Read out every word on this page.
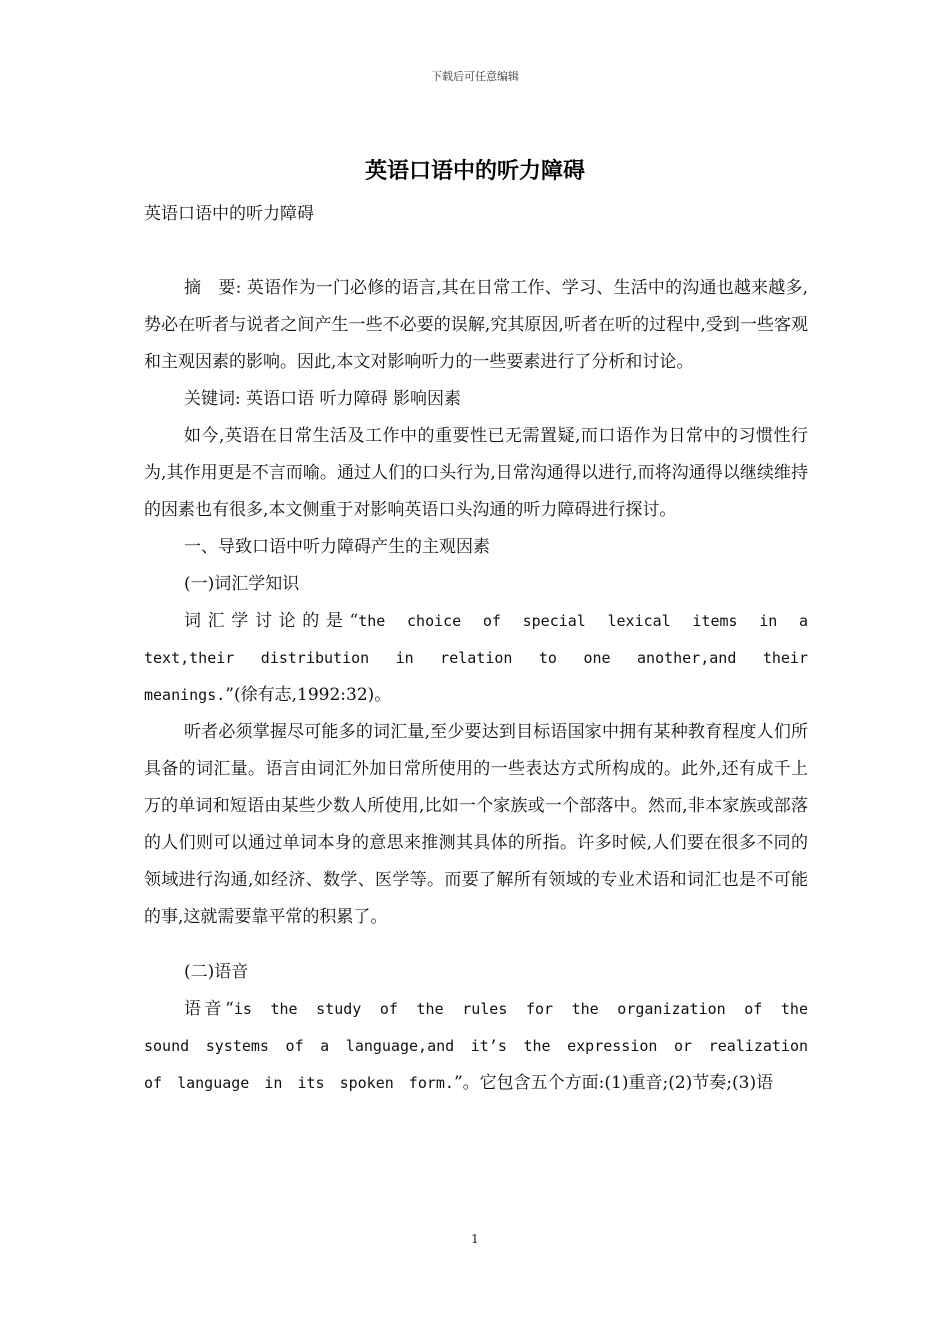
下载后可任意编辑
英语口语中的听力障碍

英语口语中的听力障碍

摘　要: 英语作为一门必修的语言,其在日常工作、学习、生活中的沟通也越来越多,势必在听者与说者之间产生一些不必要的误解,究其原因,听者在听的过程中,受到一些客观和主观因素的影响。因此,本文对影响听力的一些要素进行了分析和讨论。

关键词: 英语口语 听力障碍 影响因素

如今,英语在日常生活及工作中的重要性已无需置疑,而口语作为日常中的习惯性行为,其作用更是不言而喻。通过人们的口头行为,日常沟通得以进行,而将沟通得以继续维持的因素也有很多,本文侧重于对影响英语口头沟通的听力障碍进行探讨。

一、导致口语中听力障碍产生的主观因素

(一)词汇学知识

词汇学讨论的是“the choice of special lexical items in a text,their distribution in relation to one another,and their meanings.”(徐有志,1992:32)。

听者必须掌握尽可能多的词汇量,至少要达到目标语国家中拥有某种教育程度人们所具备的词汇量。语言由词汇外加日常所使用的一些表达方式所构成的。此外,还有成千上万的单词和短语由某些少数人所使用,比如一个家族或一个部落中。然而,非本家族或部落的人们则可以通过单词本身的意思来推测其具体的所指。许多时候,人们要在很多不同的领域进行沟通,如经济、数学、医学等。而要了解所有领域的专业术语和词汇也是不可能的事,这就需要靠平常的积累了。

(二)语音

语音“is the study of the rules for the organization of the sound systems of a language,and it’s the expression or realization of language in its spoken form.”。它包含五个方面:(1)重音;(2)节奏;(3)语

1
